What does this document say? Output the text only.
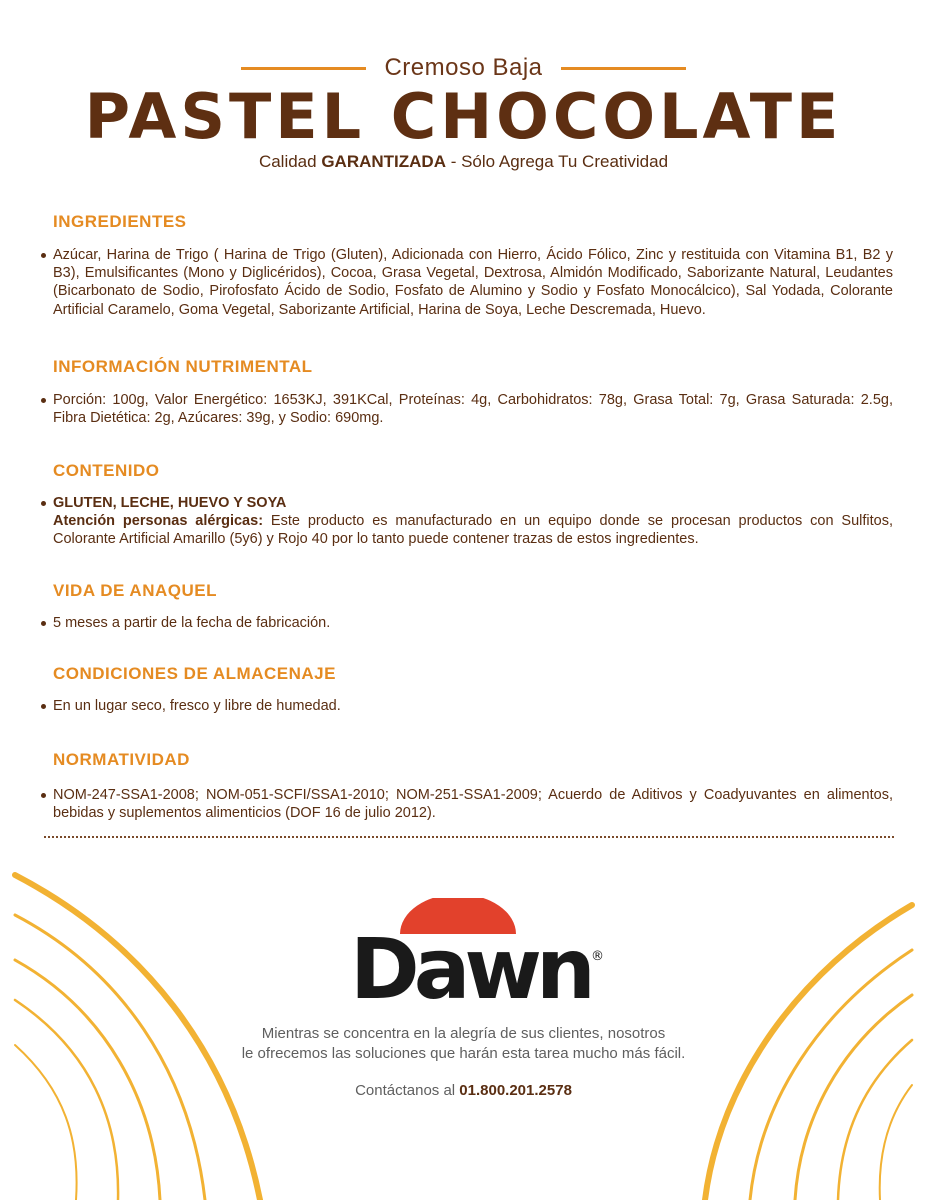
Cremoso Baja
PASTEL CHOCOLATE
Calidad GARANTIZADA - Sólo Agrega Tu Creatividad
INGREDIENTES

Azúcar, Harina de Trigo ( Harina de Trigo (Gluten), Adicionada con Hierro, Ácido Fólico, Zinc y restituida con Vitamina B1, B2 y B3), Emulsificantes (Mono y Diglicéridos), Cocoa, Grasa Vegetal, Dextrosa, Almidón Modificado, Saborizante Natural, Leudantes (Bicarbonato de Sodio, Pirofosfato Ácido de Sodio, Fosfato de Alumino y Sodio y Fosfato Monocálcico), Sal Yodada, Colorante Artificial Caramelo, Goma Vegetal, Saborizante Artificial, Harina de Soya, Leche Descremada, Huevo.

INFORMACIÓN NUTRIMENTAL

Porción: 100g, Valor Energético: 1653KJ, 391KCal, Proteínas: 4g, Carbohidratos: 78g, Grasa Total: 7g, Grasa Saturada: 2.5g, Fibra Dietética: 2g, Azúcares: 39g, y Sodio: 690mg.

CONTENIDO
GLUTEN, LECHE, HUEVO Y SOYA
Atención personas alérgicas: Este producto es manufacturado en un equipo donde se procesan productos con Sulfitos, Colorante Artificial Amarillo (5y6) y Rojo 40 por lo tanto puede contener trazas de estos ingredientes.
VIDA DE ANAQUEL

5 meses a partir de la fecha de fabricación.

CONDICIONES DE ALMACENAJE

En un lugar seco, fresco y libre de humedad.

NORMATIVIDAD

NOM-247-SSA1-2008; NOM-051-SCFI/SSA1-2010; NOM-251-SSA1-2009; Acuerdo de Aditivos y Coadyuvantes en alimentos, bebidas y suplementos alimenticios (DOF 16 de julio 2012).

Dawn ®
Mientras se concentra en la alegría de sus clientes, nosotros
le ofrecemos las soluciones que harán esta tarea mucho más fácil.
Contáctanos al 01.800.201.2578
